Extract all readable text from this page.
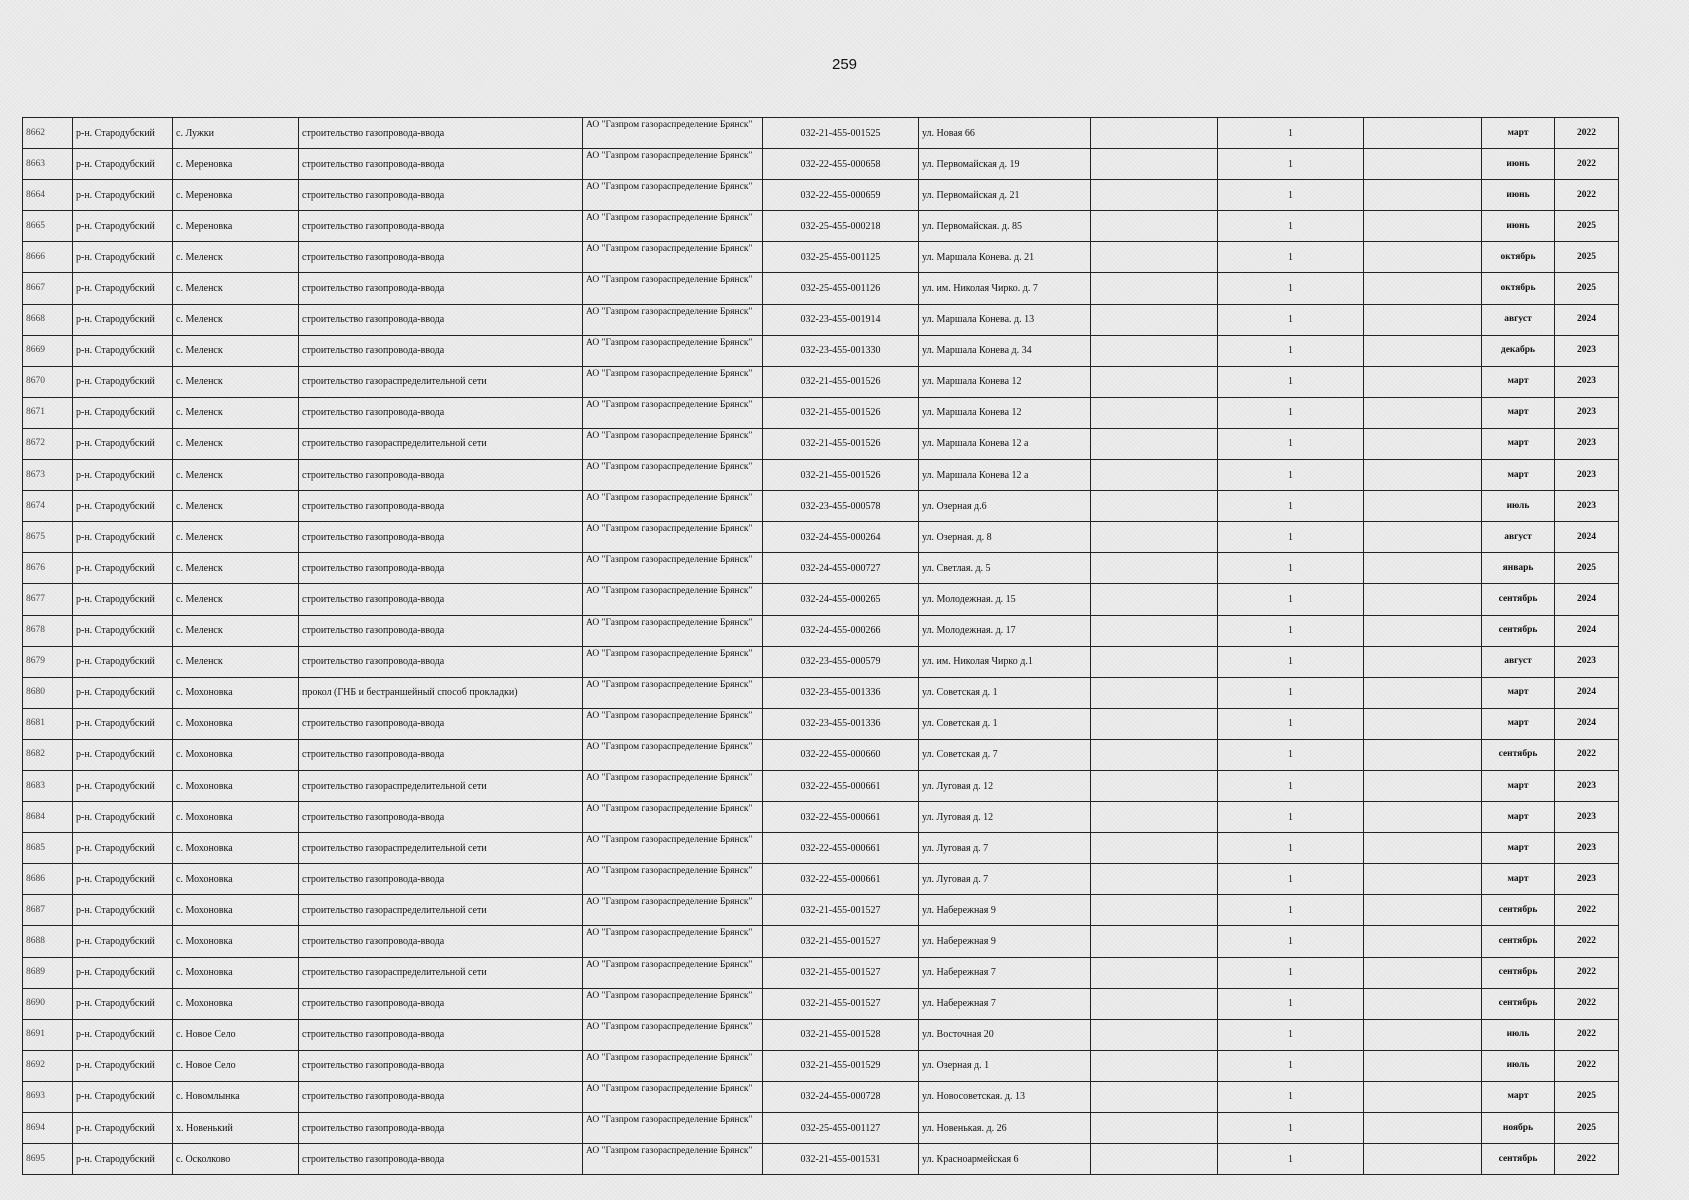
259
8662	р-н. Стародубский	с. Лужки	строительство газопровода-ввода	АО "Газпром газораспределение Брянск"	032-21-455-001525	ул. Новая 66		1		март	2022
8663	р-н. Стародубский	с. Мереновка	строительство газопровода-ввода	АО "Газпром газораспределение Брянск"	032-22-455-000658	ул. Первомайская д. 19		1		июнь	2022
8664	р-н. Стародубский	с. Мереновка	строительство газопровода-ввода	АО "Газпром газораспределение Брянск"	032-22-455-000659	ул. Первомайская д. 21		1		июнь	2022
8665	р-н. Стародубский	с. Мереновка	строительство газопровода-ввода	АО "Газпром газораспределение Брянск"	032-25-455-000218	ул. Первомайская. д. 85		1		июнь	2025
8666	р-н. Стародубский	с. Меленск	строительство газопровода-ввода	АО "Газпром газораспределение Брянск"	032-25-455-001125	ул. Маршала Конева. д. 21		1		октябрь	2025
8667	р-н. Стародубский	с. Меленск	строительство газопровода-ввода	АО "Газпром газораспределение Брянск"	032-25-455-001126	ул. им. Николая Чирко. д. 7		1		октябрь	2025
8668	р-н. Стародубский	с. Меленск	строительство газопровода-ввода	АО "Газпром газораспределение Брянск"	032-23-455-001914	ул. Маршала Конева. д. 13		1		август	2024
8669	р-н. Стародубский	с. Меленск	строительство газопровода-ввода	АО "Газпром газораспределение Брянск"	032-23-455-001330	ул. Маршала Конева д. 34		1		декабрь	2023
8670	р-н. Стародубский	с. Меленск	строительство газораспределительной сети	АО "Газпром газораспределение Брянск"	032-21-455-001526	ул. Маршала Конева 12		1		март	2023
8671	р-н. Стародубский	с. Меленск	строительство газопровода-ввода	АО "Газпром газораспределение Брянск"	032-21-455-001526	ул. Маршала Конева 12		1		март	2023
8672	р-н. Стародубский	с. Меленск	строительство газораспределительной сети	АО "Газпром газораспределение Брянск"	032-21-455-001526	ул. Маршала Конева 12 а		1		март	2023
8673	р-н. Стародубский	с. Меленск	строительство газопровода-ввода	АО "Газпром газораспределение Брянск"	032-21-455-001526	ул. Маршала Конева 12 а		1		март	2023
8674	р-н. Стародубский	с. Меленск	строительство газопровода-ввода	АО "Газпром газораспределение Брянск"	032-23-455-000578	ул. Озерная д.6		1		июль	2023
8675	р-н. Стародубский	с. Меленск	строительство газопровода-ввода	АО "Газпром газораспределение Брянск"	032-24-455-000264	ул. Озерная. д. 8		1		август	2024
8676	р-н. Стародубский	с. Меленск	строительство газопровода-ввода	АО "Газпром газораспределение Брянск"	032-24-455-000727	ул. Светлая. д. 5		1		январь	2025
8677	р-н. Стародубский	с. Меленск	строительство газопровода-ввода	АО "Газпром газораспределение Брянск"	032-24-455-000265	ул. Молодежная. д. 15		1		сентябрь	2024
8678	р-н. Стародубский	с. Меленск	строительство газопровода-ввода	АО "Газпром газораспределение Брянск"	032-24-455-000266	ул. Молодежная. д. 17		1		сентябрь	2024
8679	р-н. Стародубский	с. Меленск	строительство газопровода-ввода	АО "Газпром газораспределение Брянск"	032-23-455-000579	ул. им. Николая Чирко д.1		1		август	2023
8680	р-н. Стародубский	с. Мохоновка	прокол (ГНБ и бестраншейный способ прокладки)	АО "Газпром газораспределение Брянск"	032-23-455-001336	ул. Советская д. 1		1		март	2024
8681	р-н. Стародубский	с. Мохоновка	строительство газопровода-ввода	АО "Газпром газораспределение Брянск"	032-23-455-001336	ул. Советская д. 1		1		март	2024
8682	р-н. Стародубский	с. Мохоновка	строительство газопровода-ввода	АО "Газпром газораспределение Брянск"	032-22-455-000660	ул. Советская д. 7		1		сентябрь	2022
8683	р-н. Стародубский	с. Мохоновка	строительство газораспределительной сети	АО "Газпром газораспределение Брянск"	032-22-455-000661	ул. Луговая д. 12		1		март	2023
8684	р-н. Стародубский	с. Мохоновка	строительство газопровода-ввода	АО "Газпром газораспределение Брянск"	032-22-455-000661	ул. Луговая д. 12		1		март	2023
8685	р-н. Стародубский	с. Мохоновка	строительство газораспределительной сети	АО "Газпром газораспределение Брянск"	032-22-455-000661	ул. Луговая д. 7		1		март	2023
8686	р-н. Стародубский	с. Мохоновка	строительство газопровода-ввода	АО "Газпром газораспределение Брянск"	032-22-455-000661	ул. Луговая д. 7		1		март	2023
8687	р-н. Стародубский	с. Мохоновка	строительство газораспределительной сети	АО "Газпром газораспределение Брянск"	032-21-455-001527	ул. Набережная 9		1		сентябрь	2022
8688	р-н. Стародубский	с. Мохоновка	строительство газопровода-ввода	АО "Газпром газораспределение Брянск"	032-21-455-001527	ул. Набережная 9		1		сентябрь	2022
8689	р-н. Стародубский	с. Мохоновка	строительство газораспределительной сети	АО "Газпром газораспределение Брянск"	032-21-455-001527	ул. Набережная 7		1		сентябрь	2022
8690	р-н. Стародубский	с. Мохоновка	строительство газопровода-ввода	АО "Газпром газораспределение Брянск"	032-21-455-001527	ул. Набережная 7		1		сентябрь	2022
8691	р-н. Стародубский	с. Новое Село	строительство газопровода-ввода	АО "Газпром газораспределение Брянск"	032-21-455-001528	ул. Восточная 20		1		июль	2022
8692	р-н. Стародубский	с. Новое Село	строительство газопровода-ввода	АО "Газпром газораспределение Брянск"	032-21-455-001529	ул. Озерная д. 1		1		июль	2022
8693	р-н. Стародубский	с. Новомлынка	строительство газопровода-ввода	АО "Газпром газораспределение Брянск"	032-24-455-000728	ул. Новосоветская. д. 13		1		март	2025
8694	р-н. Стародубский	х. Новенький	строительство газопровода-ввода	АО "Газпром газораспределение Брянск"	032-25-455-001127	ул. Новенькая. д. 26		1		ноябрь	2025
8695	р-н. Стародубский	с. Осколково	строительство газопровода-ввода	АО "Газпром газораспределение Брянск"	032-21-455-001531	ул. Красноармейская 6		1		сентябрь	2022
